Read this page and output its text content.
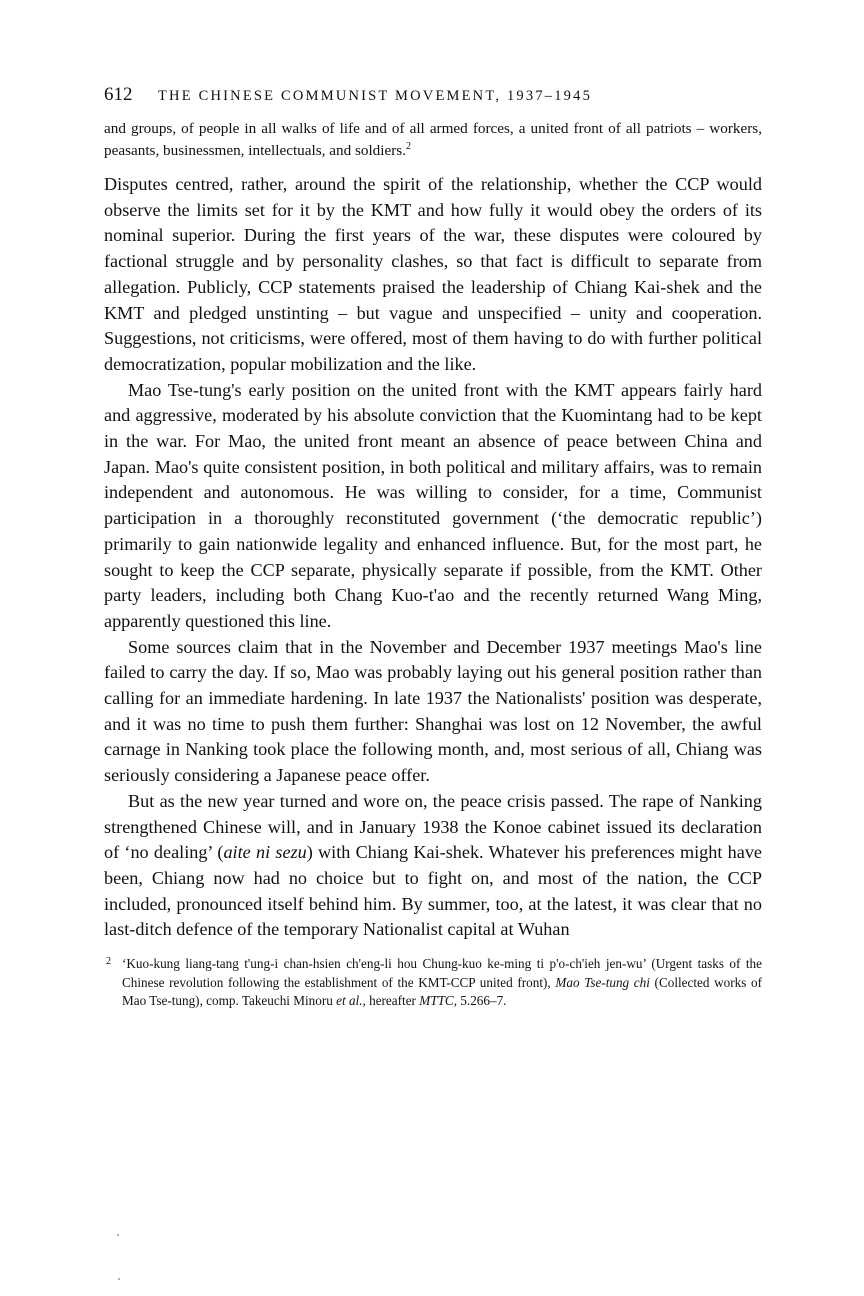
612	THE CHINESE COMMUNIST MOVEMENT, 1937–1945
and groups, of people in all walks of life and of all armed forces, a united front of all patriots – workers, peasants, businessmen, intellectuals, and soldiers.$^2$

Disputes centred, rather, around the spirit of the relationship, whether the CCP would observe the limits set for it by the KMT and how fully it would obey the orders of its nominal superior. During the first years of the war, these disputes were coloured by factional struggle and by personality clashes, so that fact is difficult to separate from allegation. Publicly, CCP statements praised the leadership of Chiang Kai-shek and the KMT and pledged unstinting – but vague and unspecified – unity and cooperation. Suggestions, not criticisms, were offered, most of them having to do with further political democratization, popular mobilization and the like.

Mao Tse-tung's early position on the united front with the KMT appears fairly hard and aggressive, moderated by his absolute conviction that the Kuomintang had to be kept in the war. For Mao, the united front meant an absence of peace between China and Japan. Mao's quite consistent position, in both political and military affairs, was to remain independent and autonomous. He was willing to consider, for a time, Communist participation in a thoroughly reconstituted government (‘the democratic republic’) primarily to gain nationwide legality and enhanced influence. But, for the most part, he sought to keep the CCP separate, physically separate if possible, from the KMT. Other party leaders, including both Chang Kuo-t'ao and the recently returned Wang Ming, apparently questioned this line.

Some sources claim that in the November and December 1937 meetings Mao's line failed to carry the day. If so, Mao was probably laying out his general position rather than calling for an immediate hardening. In late 1937 the Nationalists' position was desperate, and it was no time to push them further: Shanghai was lost on 12 November, the awful carnage in Nanking took place the following month, and, most serious of all, Chiang was seriously considering a Japanese peace offer.

But as the new year turned and wore on, the peace crisis passed. The rape of Nanking strengthened Chinese will, and in January 1938 the Konoe cabinet issued its declaration of ‘no dealing’ (aite ni sezu) with Chiang Kai-shek. Whatever his preferences might have been, Chiang now had no choice but to fight on, and most of the nation, the CCP included, pronounced itself behind him. By summer, too, at the latest, it was clear that no last-ditch defence of the temporary Nationalist capital at Wuhan

2 ‘Kuo-kung liang-tang t'ung-i chan-hsien ch'eng-li hou Chung-kuo ke-ming ti p'o-ch'ieh jen-wu’ (Urgent tasks of the Chinese revolution following the establishment of the KMT-CCP united front), Mao Tse-tung chi (Collected works of Mao Tse-tung), comp. Takeuchi Minoru et al., hereafter MTTC, 5.266–7.
